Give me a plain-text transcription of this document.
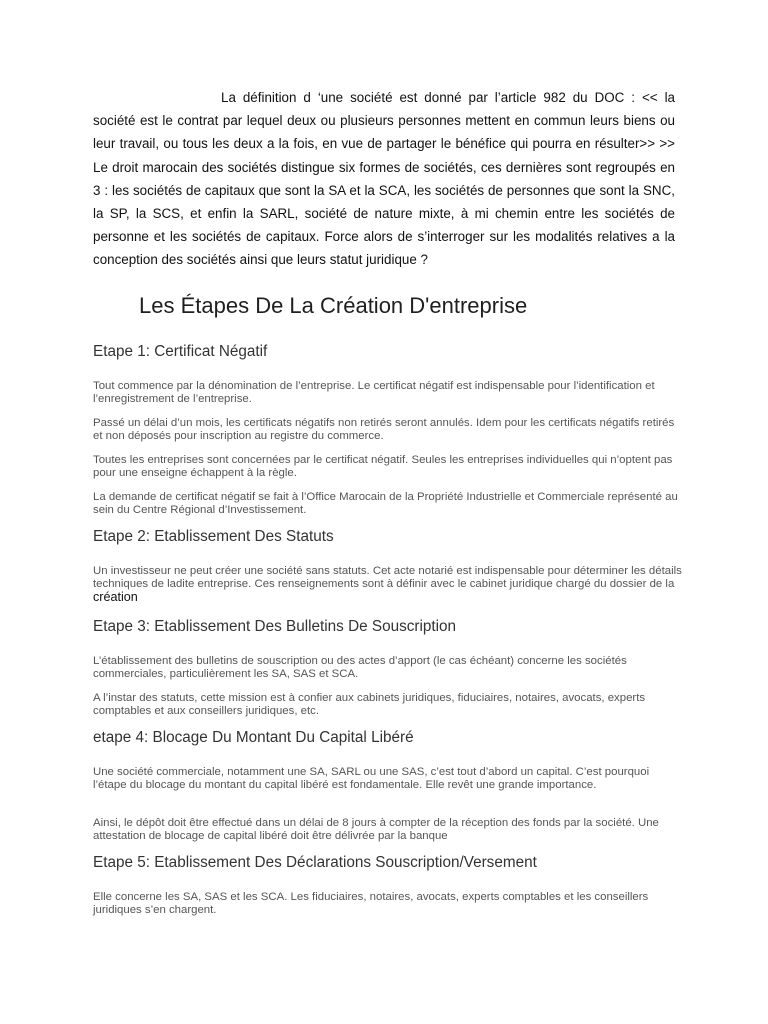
La définition d ‘une société est donné par l’article 982 du DOC : << la société est le contrat par lequel deux ou plusieurs personnes mettent en commun leurs biens ou leur travail, ou tous les deux a la fois, en vue de partager le bénéfice qui pourra en résulter>> >> Le droit marocain des sociétés distingue six formes de sociétés, ces dernières sont regroupés en 3 : les sociétés de capitaux que sont la SA et la SCA, les sociétés de personnes que sont la SNC, la SP, la SCS, et enfin la SARL, société de nature mixte, à mi chemin entre les sociétés de personne et les sociétés de capitaux. Force alors de s’interroger sur les modalités relatives a la conception des sociétés ainsi que leurs statut juridique ?

Les Étapes De La Création D'entreprise
Etape 1: Certificat Négatif

Tout commence par la dénomination de l’entreprise. Le certificat négatif est indispensable pour l’identification et l’enregistrement de l’entreprise.

Passé un délai d’un mois, les certificats négatifs non retirés seront annulés. Idem pour les certificats négatifs retirés et non déposés pour inscription au registre du commerce.

Toutes les entreprises sont concernées par le certificat négatif. Seules les entreprises individuelles qui n’optent pas pour une enseigne échappent à la règle.

La demande de certificat négatif se fait à l’Office Marocain de la Propriété Industrielle et Commerciale représenté au sein du Centre Régional d’Investissement.

Etape 2: Etablissement Des Statuts

Un investisseur ne peut créer une société sans statuts. Cet acte notarié est indispensable pour déterminer les détails techniques de ladite entreprise. Ces renseignements sont à définir avec le cabinet juridique chargé du dossier de la création

Etape 3: Etablissement Des Bulletins De Souscription

L’établissement des bulletins de souscription ou des actes d’apport (le cas échéant) concerne les sociétés commerciales, particulièrement les SA, SAS et SCA.

A l’instar des statuts, cette mission est à confier aux cabinets juridiques, fiduciaires, notaires, avocats, experts comptables et aux conseillers juridiques, etc.

etape 4: Blocage Du Montant Du Capital Libéré

Une société commerciale, notamment une SA, SARL ou une SAS, c’est tout d’abord un capital. C’est pourquoi l’étape du blocage du montant du capital libéré est fondamentale. Elle revêt une grande importance.

Ainsi, le dépôt doit être effectué dans un délai de 8 jours à compter de la réception des fonds par la société. Une attestation de blocage de capital libéré doit être délivrée par la banque

Etape 5: Etablissement Des Déclarations Souscription/Versement

Elle concerne les SA, SAS et les SCA. Les fiduciaires, notaires, avocats, experts comptables et les conseillers juridiques s’en chargent.
